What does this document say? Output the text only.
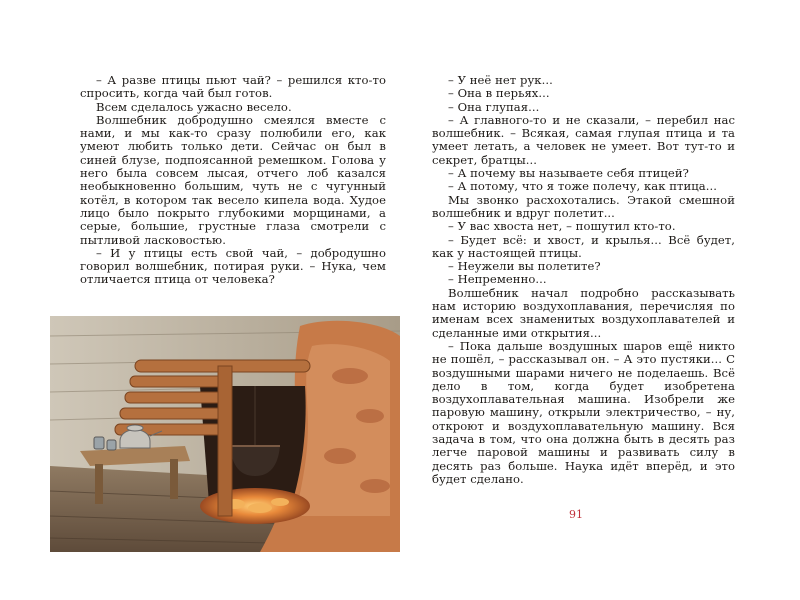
– А разве птицы пьют чай? – решился кто-то спросить, когда чай был готов.

Всем сделалось ужасно весело.

Волшебник добродушно смеялся вместе с нами, и мы как-то сразу полюбили его, как умеют любить только дети. Сейчас он был в синей блузе, подпоясанной ремешком. Голова у него была совсем лысая, отчего лоб казался необыкновенно большим, чуть не с чугунный котёл, в котором так весело кипела вода. Худое лицо было покрыто глубокими морщинами, а серые, большие, грустные глаза смотрели с пытливой ласковостью.

– И у птицы есть свой чай, – добродушно говорил волшебник, потирая руки. – Нука, чем отличается птица от человека?

– У неё нет рук...

– Она в перьях...

– Она глупая...

– А главного-то и не сказали, – перебил нас волшебник. – Всякая, самая глупая птица и та умеет летать, а человек не умеет. Вот тут-то и секрет, братцы...

– А почему вы называете себя птицей?

– А потому, что я тоже полечу, как птица...

Мы звонко расхохотались. Этакой смешной волшебник и вдруг полетит...

– У вас хвоста нет, – пошутил кто-то.

– Будет всё: и хвост, и крылья... Всё будет, как у настоящей птицы.

– Неужели вы полетите?

– Непременно...

Волшебник начал подробно рассказывать нам историю воздухоплавания, перечисляя по именам всех знаменитых воздухоплавателей и сделанные ими открытия...

– Пока дальше воздушных шаров ещё никто не пошёл, – рассказывал он. – А это пустяки... С воздушными шарами ничего не поделаешь. Всё дело в том, когда будет изобретена воздухоплавательная машина. Изобрели же паровую машину, открыли электричество, – ну, откроют и воздухоплавательную машину. Вся задача в том, что она должна быть в десять раз легче паровой машины и развивать силу в десять раз больше. Наука идёт вперёд, и это будет сделано.

91
